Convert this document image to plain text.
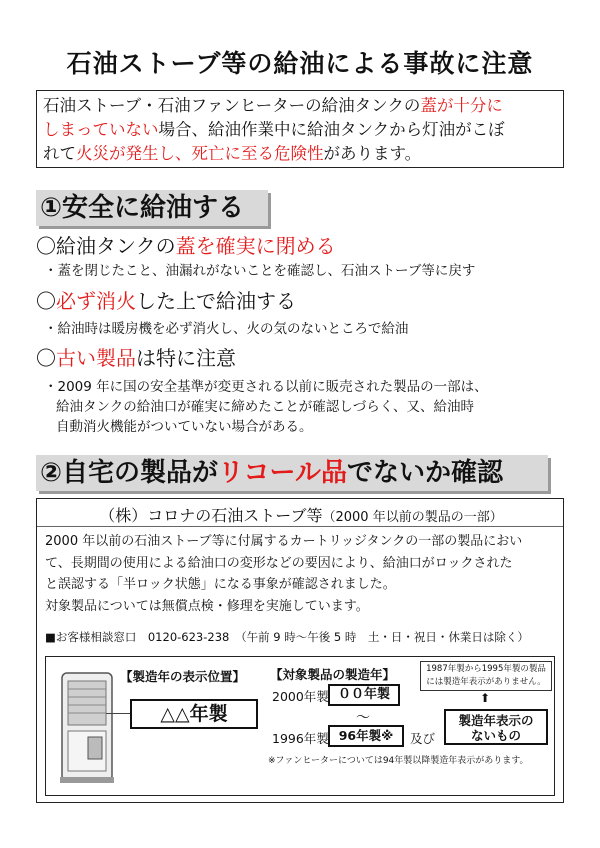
石油ストーブ等の給油による事故に注意
石油ストーブ・石油ファンヒーターの給油タンクの蓋が十分に
しまっていない場合、給油作業中に給油タンクから灯油がこぼ
れて火災が発生し、死亡に至る危険性があります。
①安全に給油する
〇給油タンクの蓋を確実に閉める
・蓋を閉じたこと、油漏れがないことを確認し、石油ストーブ等に戻す
〇必ず消火した上で給油する
・給油時は暖房機を必ず消火し、火の気のないところで給油
〇古い製品は特に注意
・2009 年に国の安全基準が変更される以前に販売された製品の一部は、
給油タンクの給油口が確実に締めたことが確認しづらく、又、給油時
自動消火機能がついていない場合がある。
②自宅の製品がリコール品でないか確認
（株）コロナの石油ストーブ等（2000 年以前の製品の一部）
2000 年以前の石油ストーブ等に付属するカートリッジタンクの一部の製品におい
て、長期間の使用による給油口の変形などの要因により、給油口がロックされた
と誤認する「半ロック状態」になる事象が確認されました。
対象製品については無償点検・修理を実施しています。
■お客様相談窓口　0120-623-238　（午前 9 時～午後 5 時　土・日・祝日・休業日は除く）
【製造年の表示位置】
△△年製
【対象製品の製造年】
2000年製 ００年製
～
1996年製 96年製※	及び
1987年製から1995年製の製品
には製造年表示がありません。
⬆
製造年表示の
ないもの
※ファンヒーターについては94年製以降製造年表示があります。
